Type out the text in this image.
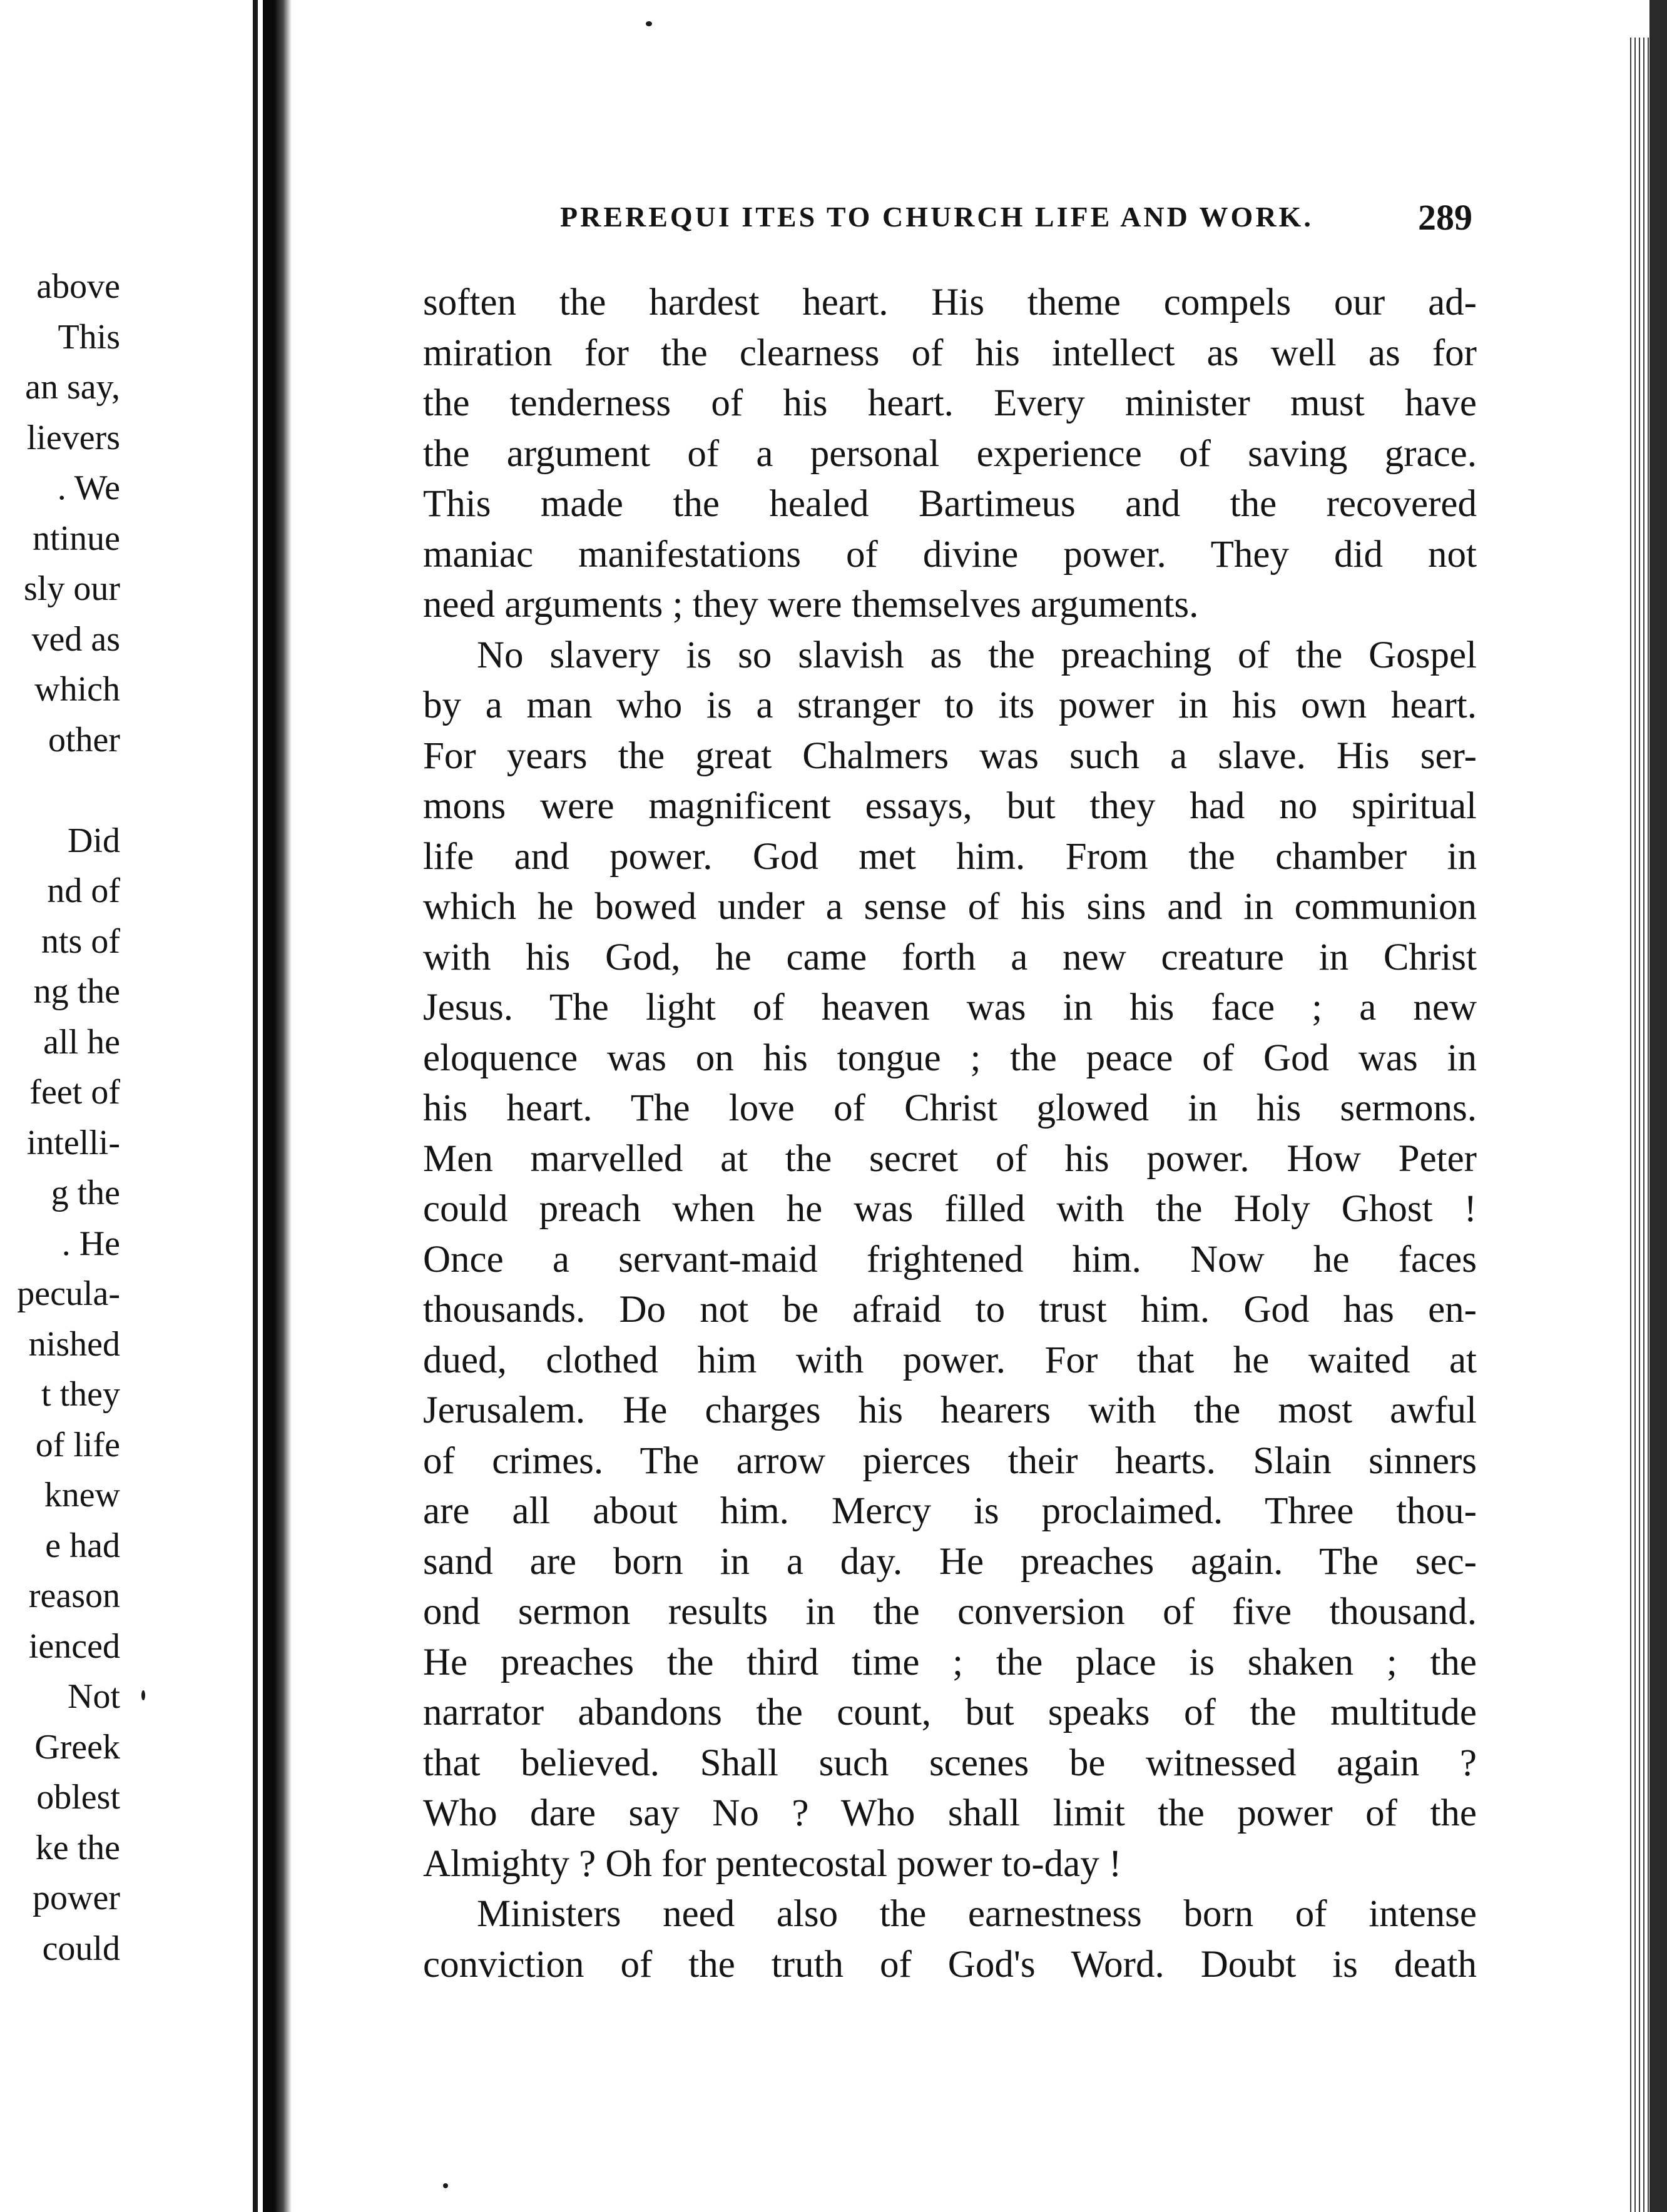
above
This
an say,
lievers
. We
ntinue
sly our
ved as
which
other
Did
nd of
nts of
ng the
all he
feet of
intelli-
g the
. He
pecula-
nished
t they
of life
knew
e had
reason
ienced
Not
Greek
oblest
ke the
power
could
PREREQUI ITES TO CHURCH LIFE AND WORK.	289
soften the hardest heart. His theme compels our ad-
miration for the clearness of his intellect as well as for
the tenderness of his heart. Every minister must have
the argument of a personal experience of saving grace.
This made the healed Bartimeus and the recovered
maniac manifestations of divine power. They did not
need arguments ; they were themselves arguments.
No slavery is so slavish as the preaching of the Gospel
by a man who is a stranger to its power in his own heart.
For years the great Chalmers was such a slave. His ser-
mons were magnificent essays, but they had no spiritual
life and power. God met him. From the chamber in
which he bowed under a sense of his sins and in communion
with his God, he came forth a new creature in Christ
Jesus. The light of heaven was in his face ; a new
eloquence was on his tongue ; the peace of God was in
his heart. The love of Christ glowed in his sermons.
Men marvelled at the secret of his power. How Peter
could preach when he was filled with the Holy Ghost !
Once a servant-maid frightened him. Now he faces
thousands. Do not be afraid to trust him. God has en-
dued, clothed him with power. For that he waited at
Jerusalem. He charges his hearers with the most awful
of crimes. The arrow pierces their hearts. Slain sinners
are all about him. Mercy is proclaimed. Three thou-
sand are born in a day. He preaches again. The sec-
ond sermon results in the conversion of five thousand.
He preaches the third time ; the place is shaken ; the
narrator abandons the count, but speaks of the multitude
that believed. Shall such scenes be witnessed again ?
Who dare say No ? Who shall limit the power of the
Almighty ? Oh for pentecostal power to-day !
Ministers need also the earnestness born of intense
conviction of the truth of God's Word. Doubt is death
